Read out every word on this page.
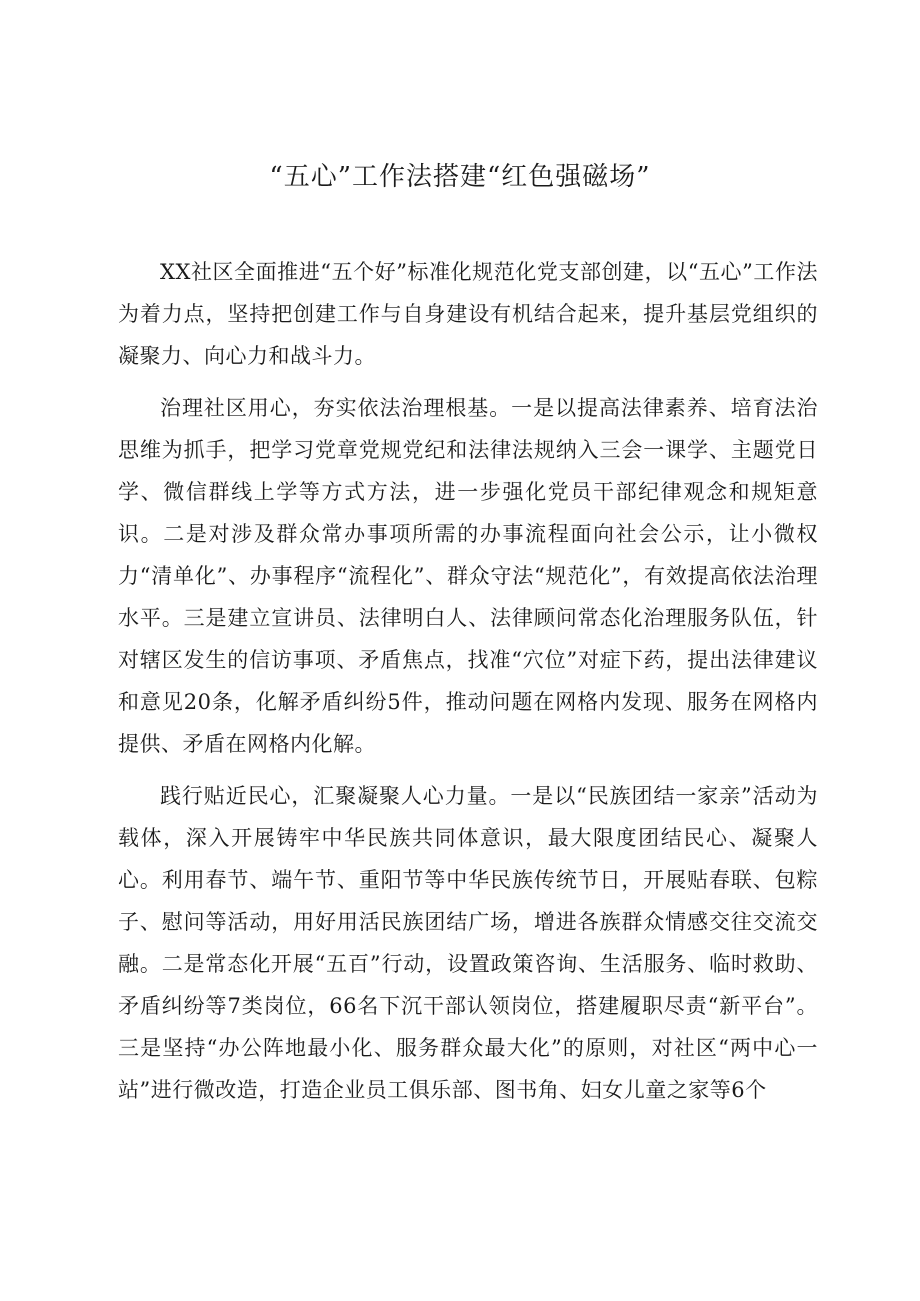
“五心”工作法搭建“红色强磁场”

XX社区全面推进“五个好”标准化规范化党支部创建，以“五心”工作法为着力点，坚持把创建工作与自身建设有机结合起来，提升基层党组织的凝聚力、向心力和战斗力。

治理社区用心，夯实依法治理根基。一是以提高法律素养、培育法治思维为抓手，把学习党章党规党纪和法律法规纳入三会一课学、主题党日学、微信群线上学等方式方法，进一步强化党员干部纪律观念和规矩意识。二是对涉及群众常办事项所需的办事流程面向社会公示，让小微权力“清单化”、办事程序“流程化”、群众守法“规范化”，有效提高依法治理水平。三是建立宣讲员、法律明白人、法律顾问常态化治理服务队伍，针对辖区发生的信访事项、矛盾焦点，找准“穴位”对症下药，提出法律建议和意见20条，化解矛盾纠纷5件，推动问题在网格内发现、服务在网格内提供、矛盾在网格内化解。

践行贴近民心，汇聚凝聚人心力量。一是以“民族团结一家亲”活动为载体，深入开展铸牢中华民族共同体意识，最大限度团结民心、凝聚人心。利用春节、端午节、重阳节等中华民族传统节日，开展贴春联、包粽子、慰问等活动，用好用活民族团结广场，增进各族群众情感交往交流交融。二是常态化开展“五百”行动，设置政策咨询、生活服务、临时救助、矛盾纠纷等7类岗位，66名下沉干部认领岗位，搭建履职尽责“新平台”。三是坚持“办公阵地最小化、服务群众最大化”的原则，对社区“两中心一站”进行微改造，打造企业员工俱乐部、图书角、妇女儿童之家等6个
